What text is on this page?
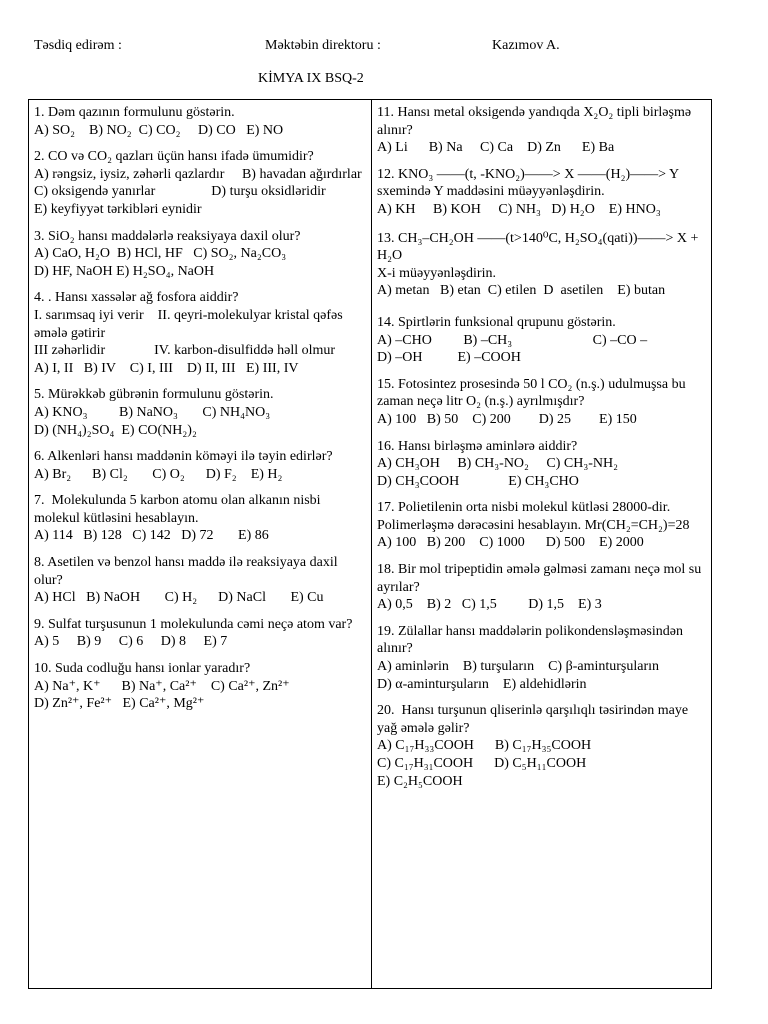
Təsdiq edirəm :	Məktəbin direktoru :	Kazımov A.
KİMYA IX BSQ-2
1. Dəm qazının formulunu göstərin.
A) SO₂    B) NO₂  C) CO₂     D) CO   E) NO
2. CO və CO₂ qazları üçün hansı ifadə ümumidir?
A) rəngsiz, iysiz, zəhərli qazlardır     B) havadan ağırdırlar
C) oksigendə yanırlar                D) turşu oksidləridir
E) keyfiyyət tərkibləri eynidir
3. SiO₂ hansı maddələrlə reaksiyaya daxil olur?
A) CaO, H₂O  B) HCl, HF   C) SO₂, Na₂CO₃
D) HF, NaOH E) H₂SO₄, NaOH
4. . Hansı xassələr ağ fosfora aiddir?
I. sarımsaq iyi verir    II. qeyri-molekulyar kristal qəfəs əmələ gətirir
III zəhərlidir              IV. karbon-disulfiddə həll olmur
A) I, II   B) IV    C) I, III    D) II, III   E) III, IV
5. Mürəkkəb gübrənin formulunu göstərin.
A) KNO₃         B) NaNO₃       C) NH₄NO₃
D) (NH₄)₂SO₄  E) CO(NH₂)₂
6. Alkenləri hansı maddənin köməyi ilə təyin edirlər?
A) Br₂      B) Cl₂       C) O₂      D) F₂    E) H₂
7.  Molekulunda 5 karbon atomu olan alkanın nisbi molekul kütləsini hesablayın.
A) 114   B) 128   C) 142   D) 72       E) 86
8. Asetilen və benzol hansı maddə ilə reaksiyaya daxil olur?
A) HCl   B) NaOH       C) H₂      D) NaCl       E) Cu
9. Sulfat turşusunun 1 molekulunda cəmi neçə atom var?
A) 5     B) 9     C) 6     D) 8     E) 7
10. Suda codluğu hansı ionlar yaradır?
A) Na⁺, K⁺      B) Na⁺, Ca²⁺    C) Ca²⁺, Zn²⁺
D) Zn²⁺, Fe²⁺   E) Ca²⁺, Mg²⁺
11. Hansı metal oksigendə yandıqda X₂O₂ tipli birləşmə alınır?
A) Li      B) Na     C) Ca    D) Zn      E) Ba
12. KNO₃ ——(t, -KNO₂)——> X ——(H₂)——> Y sxemində Y maddəsini müəyyənləşdirin.
A) KH     B) KOH     C) NH₃   D) H₂O    E) HNO₃
13. CH₃–CH₂OH ——(t>140⁰C, H₂SO₄(qati))——> X + H₂O
X-i müəyyənləşdirin.
A) metan   B) etan  C) etilen  D  asetilen    E) butan
14. Spirtlərin funksional qrupunu göstərin.
A) –CHO         B) –CH₃                       C) –CO –
D) –OH          E) –COOH
15. Fotosintez prosesində 50 l CO₂ (n.ş.) udulmuşsa bu zaman neçə litr O₂ (n.ş.) ayrılmışdır?
A) 100   B) 50    C) 200        D) 25        E) 150
16. Hansı birləşmə aminlərə aiddir?
A) CH₃OH     B) CH₃-NO₂     C) CH₃-NH₂
D) CH₃COOH              E) CH₃CHO
17. Polietilenin orta nisbi molekul kütləsi 28000-dir. Polimerləşmə dərəcəsini hesablayın. Mr(CH₂=CH₂)=28
A) 100   B) 200    C) 1000      D) 500    E) 2000
18. Bir mol tripeptidin əmələ gəlməsi zamanı neçə mol su ayrılar?
A) 0,5    B) 2   C) 1,5         D) 1,5    E) 3
19. Zülallar hansı maddələrin polikondensləşməsindən alınır?
A) aminlərin    B) turşuların    C) β-aminturşuların
D) α-aminturşuların    E) aldehidlərin
20.  Hansı turşunun qliserinlə qarşılıqlı təsirindən maye yağ əmələ gəlir?
A) C₁₇H₃₃COOH      B) C₁₇H₃₅COOH
C) C₁₇H₃₁COOH      D) C₅H₁₁COOH
E) C₂H₅COOH
